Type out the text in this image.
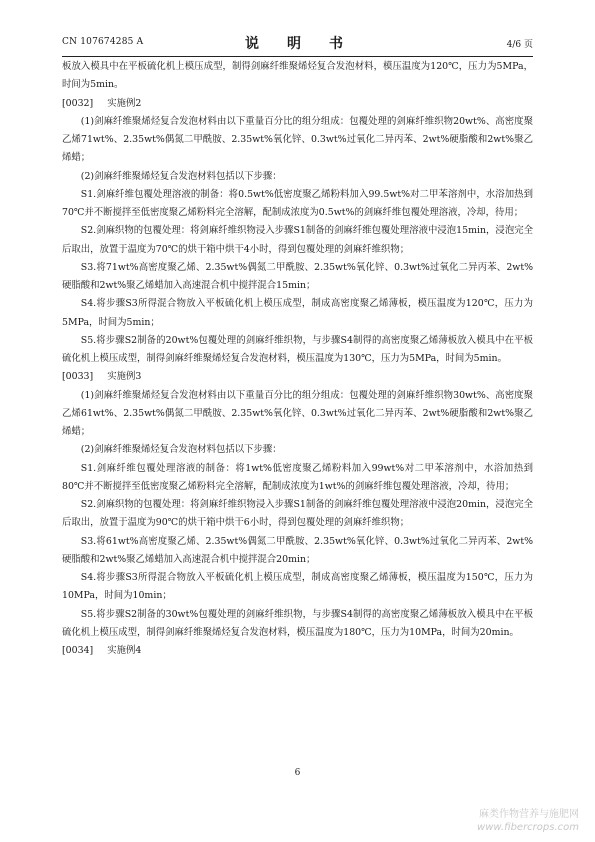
CN 107674285 A	说　明　书	4/6 页

板放入模具中在平板硫化机上模压成型，制得剑麻纤维聚烯烃复合发泡材料，模压温度为120℃，压力为5MPa，时间为5min。

[0032] 实施例2

(1)剑麻纤维聚烯烃复合发泡材料由以下重量百分比的组分组成：包覆处理的剑麻纤维织物20wt%、高密度聚乙烯71wt%、2.35wt%偶氮二甲酰胺、2.35wt%氧化锌、0.3wt%过氧化二异丙苯、2wt%硬脂酸和2wt%聚乙烯蜡；

(2)剑麻纤维聚烯烃复合发泡材料包括以下步骤：

S1.剑麻纤维包覆处理溶液的制备：将0.5wt%低密度聚乙烯粉料加入99.5wt%对二甲苯溶剂中，水浴加热到70℃并不断搅拌至低密度聚乙烯粉料完全溶解，配制成浓度为0.5wt%的剑麻纤维包覆处理溶液，冷却，待用；

S2.剑麻织物的包覆处理：将剑麻纤维织物浸入步骤S1制备的剑麻纤维包覆处理溶液中浸泡15min，浸泡完全后取出，放置于温度为70℃的烘干箱中烘干4小时，得到包覆处理的剑麻纤维织物；

S3.将71wt%高密度聚乙烯、2.35wt%偶氮二甲酰胺、2.35wt%氧化锌、0.3wt%过氧化二异丙苯、2wt%硬脂酸和2wt%聚乙烯蜡加入高速混合机中搅拌混合15min；

S4.将步骤S3所得混合物放入平板硫化机上模压成型，制成高密度聚乙烯薄板，模压温度为120℃，压力为5MPa，时间为5min；

S5.将步骤S2制备的20wt%包覆处理的剑麻纤维织物，与步骤S4制得的高密度聚乙烯薄板放入模具中在平板硫化机上模压成型，制得剑麻纤维聚烯烃复合发泡材料，模压温度为130℃，压力为5MPa，时间为5min。

[0033] 实施例3

(1)剑麻纤维聚烯烃复合发泡材料由以下重量百分比的组分组成：包覆处理的剑麻纤维织物30wt%、高密度聚乙烯61wt%、2.35wt%偶氮二甲酰胺、2.35wt%氧化锌、0.3wt%过氧化二异丙苯、2wt%硬脂酸和2wt%聚乙烯蜡；

(2)剑麻纤维聚烯烃复合发泡材料包括以下步骤：

S1.剑麻纤维包覆处理溶液的制备：将1wt%低密度聚乙烯粉料加入99wt%对二甲苯溶剂中，水浴加热到80℃并不断搅拌至低密度聚乙烯粉料完全溶解，配制成浓度为1wt%的剑麻纤维包覆处理溶液，冷却，待用；

S2.剑麻织物的包覆处理：将剑麻纤维织物浸入步骤S1制备的剑麻纤维包覆处理溶液中浸泡20min，浸泡完全后取出，放置于温度为90℃的烘干箱中烘干6小时，得到包覆处理的剑麻纤维织物；

S3.将61wt%高密度聚乙烯、2.35wt%偶氮二甲酰胺、2.35wt%氧化锌、0.3wt%过氧化二异丙苯、2wt%硬脂酸和2wt%聚乙烯蜡加入高速混合机中搅拌混合20min；

S4.将步骤S3所得混合物放入平板硫化机上模压成型，制成高密度聚乙烯薄板，模压温度为150℃，压力为10MPa，时间为10min；

S5.将步骤S2制备的30wt%包覆处理的剑麻纤维织物，与步骤S4制得的高密度聚乙烯薄板放入模具中在平板硫化机上模压成型，制得剑麻纤维聚烯烃复合发泡材料，模压温度为180℃，压力为10MPa，时间为20min。

[0034] 实施例4

6
麻类作物营养与施肥网
www.fibercrops.com
